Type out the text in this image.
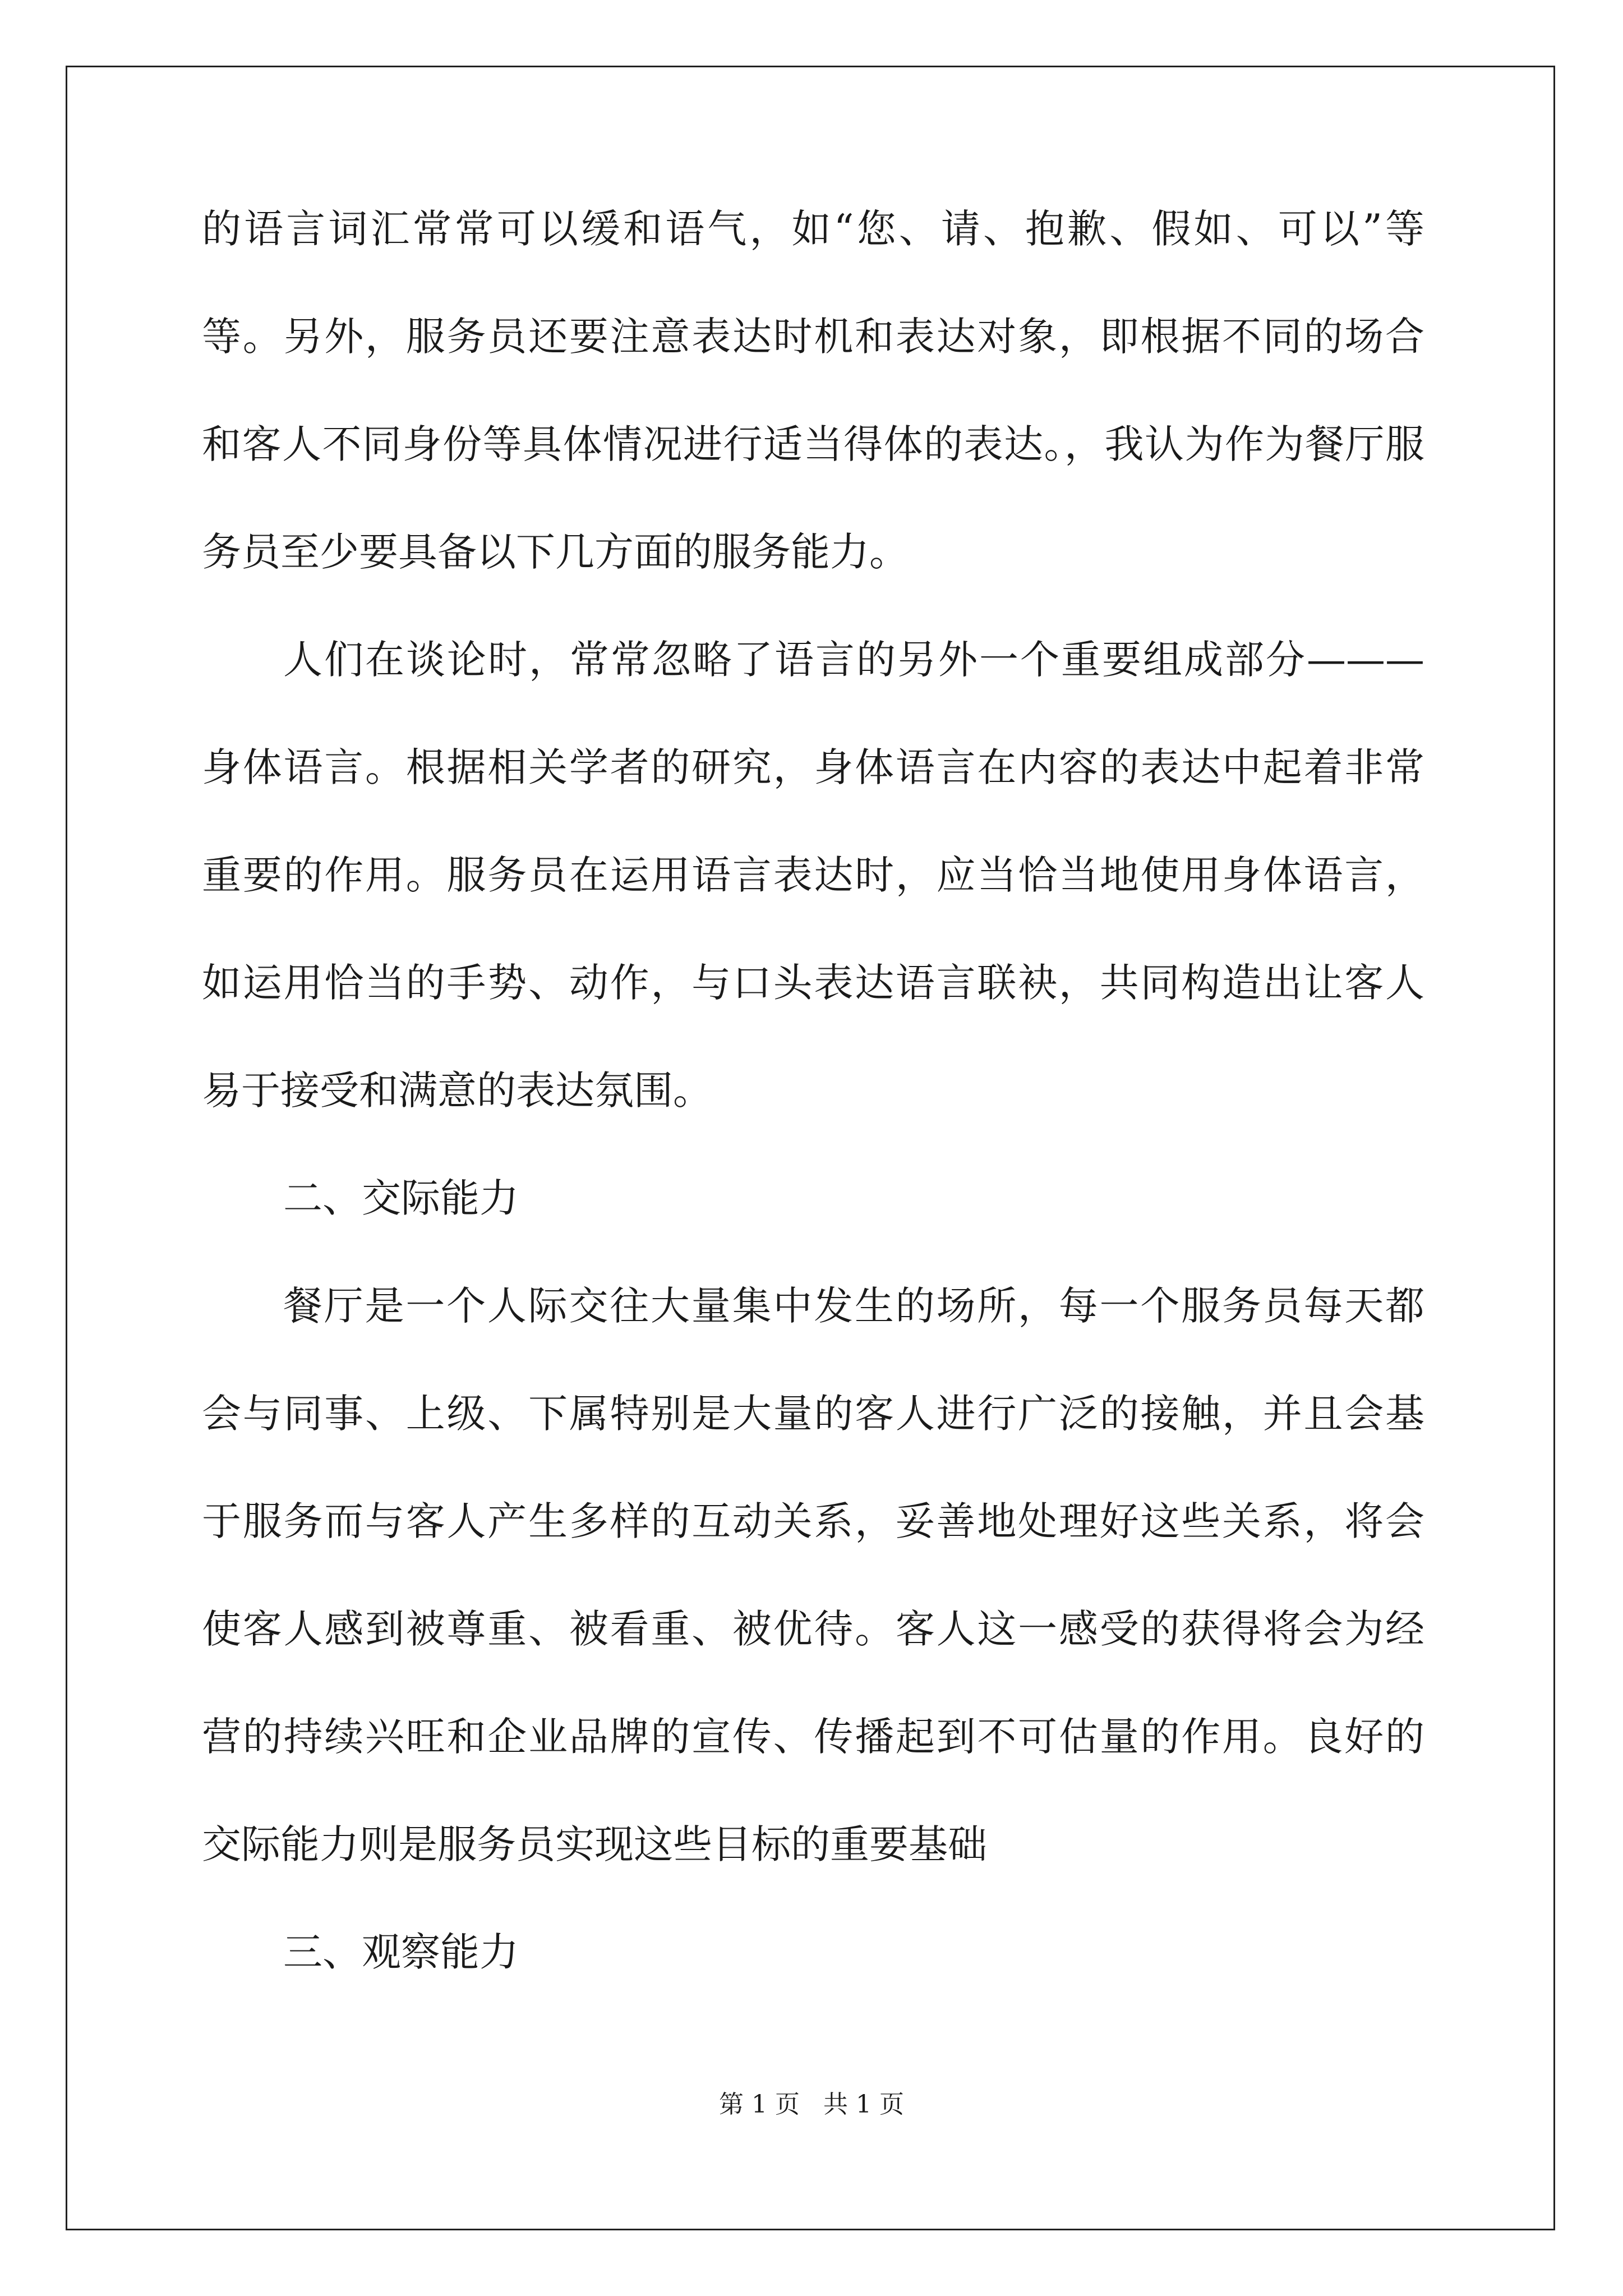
的语言词汇常常可以缓和语气，如“您、请、抱歉、假如、可以”等
等。另外，服务员还要注意表达时机和表达对象，即根据不同的场合
和客人不同身份等具体情况进行适当得体的表达。，我认为作为餐厅服
务员至少要具备以下几方面的服务能力。
人们在谈论时，常常忽略了语言的另外一个重要组成部分———
身体语言。根据相关学者的研究，身体语言在内容的表达中起着非常
重要的作用。服务员在运用语言表达时，应当恰当地使用身体语言，
如运用恰当的手势、动作，与口头表达语言联袂，共同构造出让客人
易于接受和满意的表达氛围。
二、交际能力
餐厅是一个人际交往大量集中发生的场所，每一个服务员每天都
会与同事、上级、下属特别是大量的客人进行广泛的接触，并且会基
于服务而与客人产生多样的互动关系，妥善地处理好这些关系，将会
使客人感到被尊重、被看重、被优待。客人这一感受的获得将会为经
营的持续兴旺和企业品牌的宣传、传播起到不可估量的作用。良好的
交际能力则是服务员实现这些目标的重要基础
三、观察能力
第 1 页   共 1 页
